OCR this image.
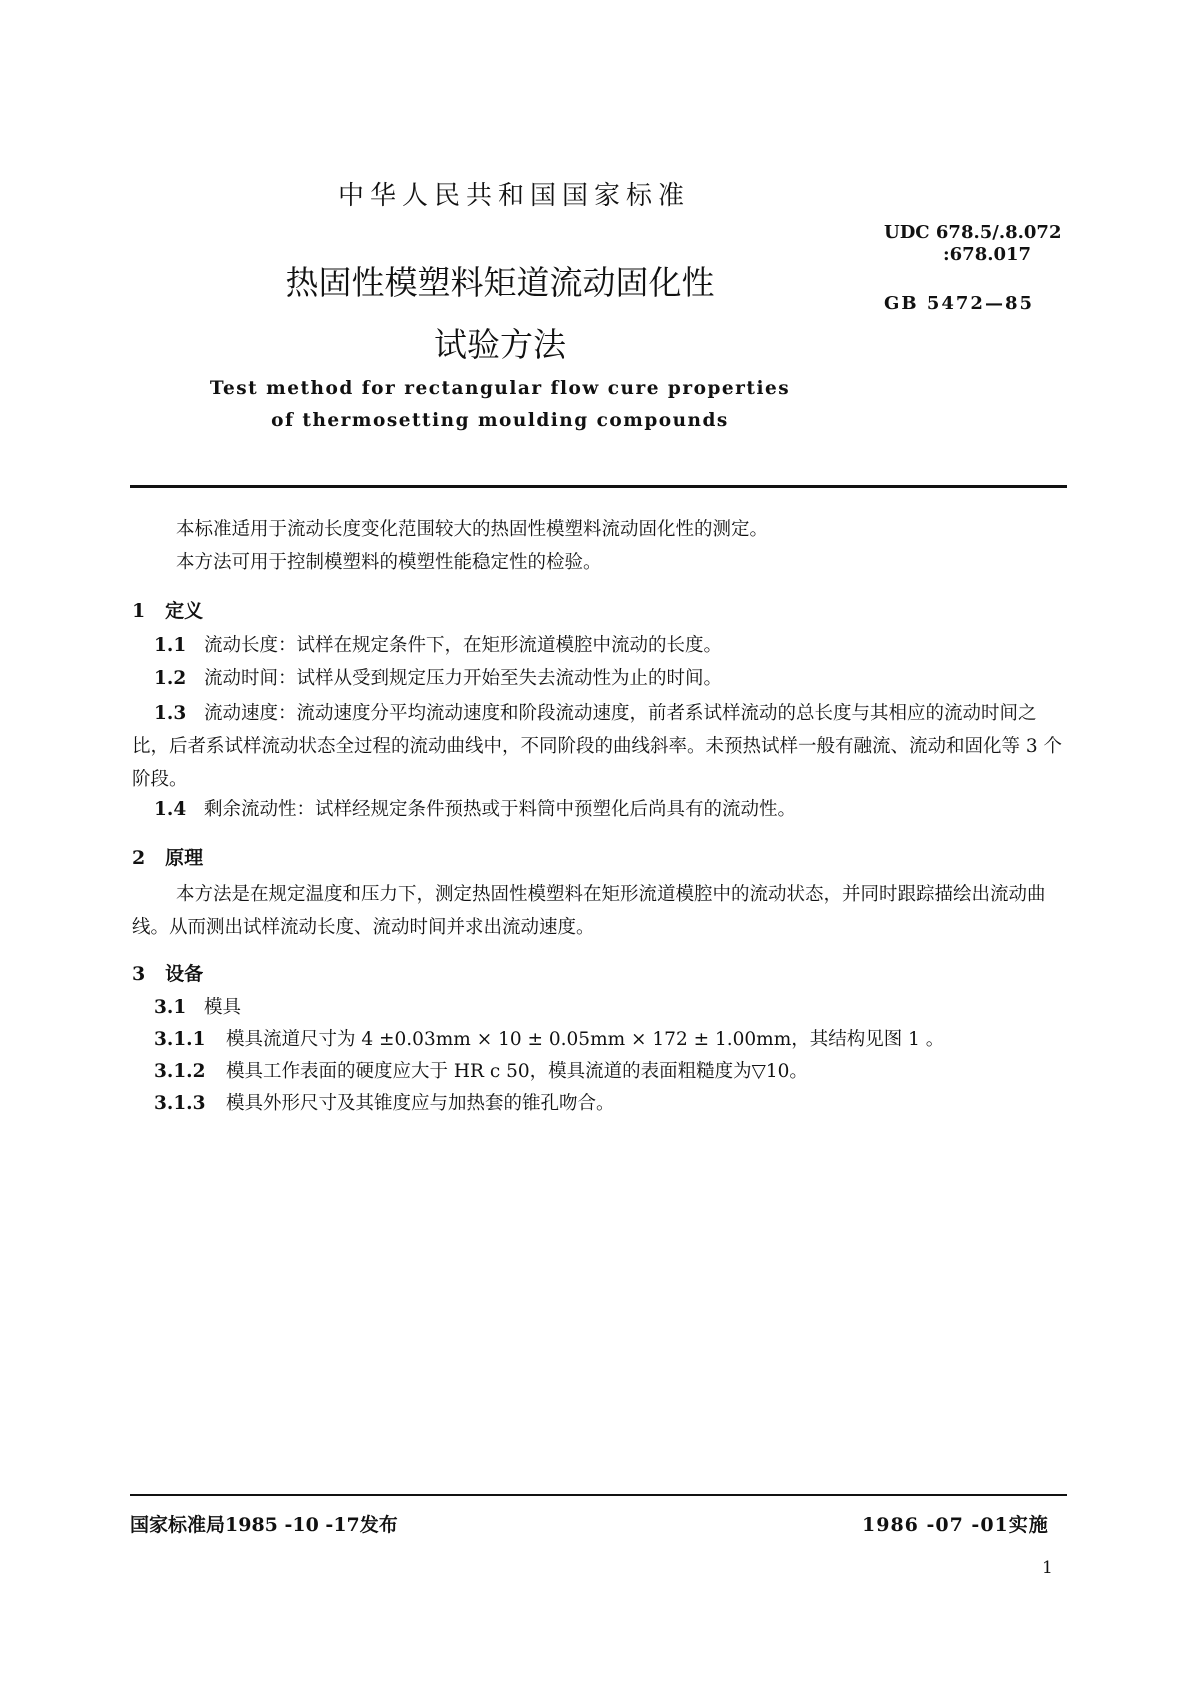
中华人民共和国国家标准
UDC 678.5/.8.072
:678.017
GB 5472—85
热固性模塑料矩道流动固化性
试验方法
Test method for rectangular flow cure properties
of thermosetting moulding compounds
本标准适用于流动长度变化范围较大的热固性模塑料流动固化性的测定。
本方法可用于控制模塑料的模塑性能稳定性的检验。
1 定义
1.1 流动长度：试样在规定条件下，在矩形流道模腔中流动的长度。
1.2 流动时间：试样从受到规定压力开始至失去流动性为止的时间。
1.3 流动速度：流动速度分平均流动速度和阶段流动速度，前者系试样流动的总长度与其相应的流动时间之比，后者系试样流动状态全过程的流动曲线中，不同阶段的曲线斜率。未预热试样一般有融流、流动和固化等 3 个阶段。
1.4 剩余流动性：试样经规定条件预热或于料筒中预塑化后尚具有的流动性。
2 原理
本方法是在规定温度和压力下，测定热固性模塑料在矩形流道模腔中的流动状态，并同时跟踪描绘出流动曲线。从而测出试样流动长度、流动时间并求出流动速度。
3 设备
3.1 模具
3.1.1 模具流道尺寸为 4 ±0.03mm × 10 ± 0.05mm × 172 ± 1.00mm，其结构见图 1 。
3.1.2 模具工作表面的硬度应大于 HR c 50，模具流道的表面粗糙度为▽10。
3.1.3 模具外形尺寸及其锥度应与加热套的锥孔吻合。
国家标准局1985 -10 -17发布	1986 -07 -01实施
1
